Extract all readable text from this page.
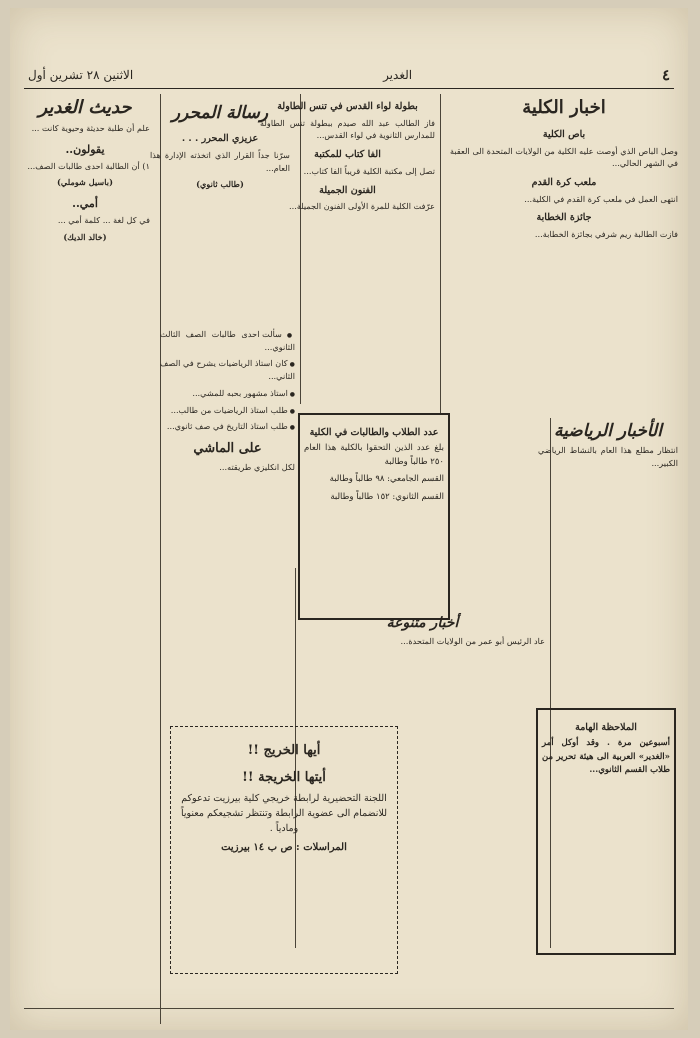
٤
الغدير
الاثنين ٢٨ تشرين أول
اخبار الكلية
باص الكلية

وصل الباص الذي أوصت عليه الكلية من الولايات المتحدة الى العقبة في الشهر الحالي...

ملعب كرة القدم

انتهى العمل في ملعب كرة القدم في الكلية...

جائزة الخطابة

فازت الطالبة ريم شرفي بجائزة الخطابة...

بطولة لواء القدس في تنس الطاولة

فاز الطالب عبد الله صيدم ببطولة تنس الطاولة للمدارس الثانوية في لواء القدس...

الفا كتاب للمكتبة

تصل إلى مكتبة الكلية قريباً الفا كتاب...

الفنون الجميلة

عرّفت الكلية للمرة الأولى الفنون الجميلة...

رسالة المحرر
عزيزي المحرر . . .

سرّنا جداً القرار الذي اتخذته الإدارة هذا العام...

(طالب ثانوي)
حديث الغدير

علم أن طلبة حديثة وحيوية كانت ...

يقولون..

١) أن الطالبة احدى طالبات الصف...

(باسيل شوملي)
أمي..

في كل لغة ... كلمة أمي ...

(خالد الديك)
عدد الطلاب والطالبات في الكلية

بلغ عدد الذين التحقوا بالكلية هذا العام ٢٥٠ طالباً وطالبة

القسم الجامعي: ٩٨ طالباً وطالبة

القسم الثانوي: ١٥٢ طالباً وطالبة

أخبار متنوعة

عاد الرئيس أبو عمر من الولايات المتحدة...

الأخبار الرياضية

انتظار مطلع هذا العام بالنشاط الرياضي الكبير...

الملاحظة الهامة

أسبوعين مرة . وقد أوكل أمر «الغدير» العربية الى هيئة تحرير من طلاب القسم الثانوي...

● سألت احدى طالبات الصف الثالث الثانوي...

● كان استاذ الرياضيات يشرح في الصف الثاني...

● استاذ مشهور بحبه للمشي...

● طلب استاذ الرياضيات من طالب...

● طلب استاذ التاريخ في صف ثانوي...

على الماشي

لكل انكليزي طريقته...

أيها الخريج !!
أيتها الخريجة !!

اللجنة التحضيرية لرابطة خريجي كلية بيرزيت تدعوكم للانضمام الى عضوية الرابطة وتنتظر تشجيعكم معنوياً ومادياً .

المراسلات : ص ب ١٤ بيرزيت
